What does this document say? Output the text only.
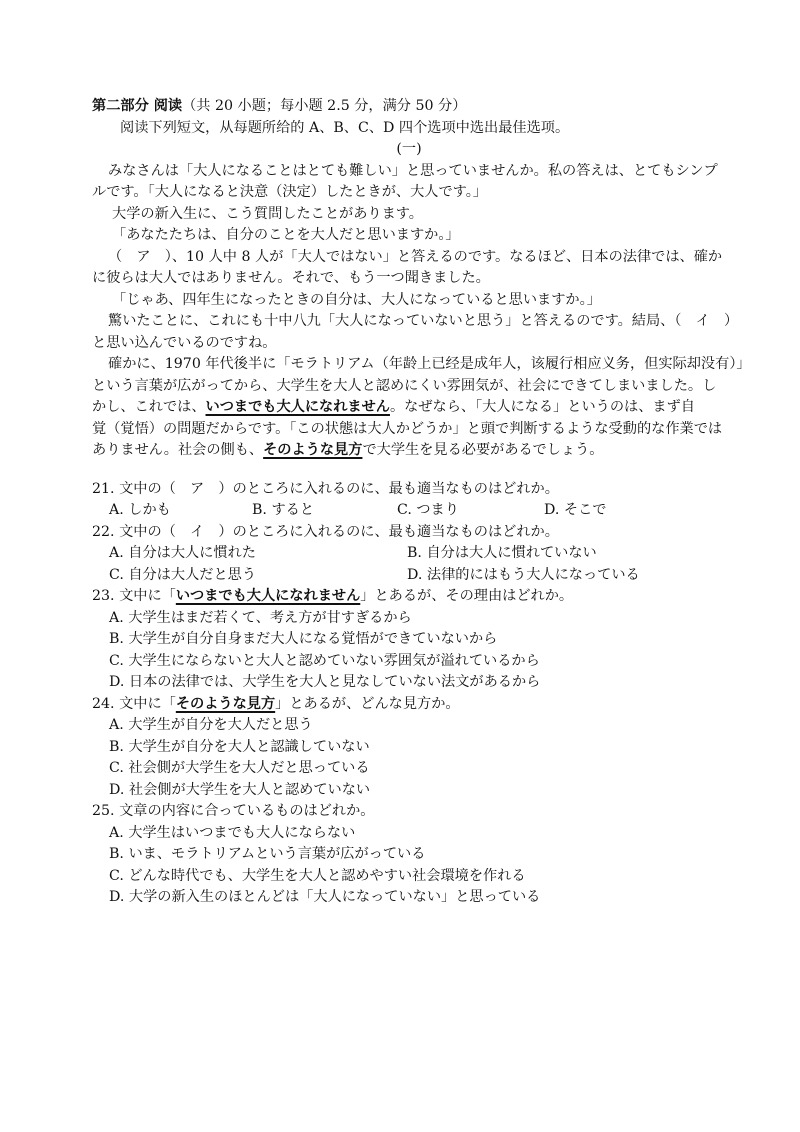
第二部分 阅读（共 20 小题；每小题 2.5 分，满分 50 分）
阅读下列短文，从每题所给的 A、B、C、D 四个选项中选出最佳选项。
(一)
みなさんは「大人になることはとても難しい」と思っていませんか。私の答えは、とてもシンプ
ルです。「大人になると決意（決定）したときが、大人です。」
大学の新入生に、こう質問したことがあります。
「あなたたちは、自分のことを大人だと思いますか。」
（　ア　）、10 人中 8 人が「大人ではない」と答えるのです。なるほど、日本の法律では、確か
に彼らは大人ではありません。それで、もう一つ聞きました。
「じゃあ、四年生になったときの自分は、大人になっていると思いますか。」
驚いたことに、これにも十中八九「大人になっていないと思う」と答えるのです。結局、（　イ　）
と思い込んでいるのですね。
確かに、1970 年代後半に「モラトリアム（年龄上已经是成年人，该履行相应义务，但实际却没有）」
という言葉が広がってから、大学生を大人と認めにくい雰囲気が、社会にできてしまいました。し
かし、これでは、いつまでも大人になれません。なぜなら、「大人になる」というのは、まず自
覚（覚悟）の問題だからです。「この状態は大人かどうか」と頭で判断するような受動的な作業では
ありません。社会の側も、そのような見方で大学生を見る必要があるでしょう。
21. 文中の（　ア　）のところに入れるのに、最も適当なものはどれか。
A. しかも	B. すると	C. つまり	D. そこで
22. 文中の（　イ　）のところに入れるのに、最も適当なものはどれか。
A. 自分は大人に慣れた	B. 自分は大人に慣れていない
C. 自分は大人だと思う	D. 法律的にはもう大人になっている
23. 文中に「いつまでも大人になれません」とあるが、その理由はどれか。
A. 大学生はまだ若くて、考え方が甘すぎるから
B. 大学生が自分自身まだ大人になる覚悟ができていないから
C. 大学生にならないと大人と認めていない雰囲気が溢れているから
D. 日本の法律では、大学生を大人と見なしていない法文があるから
24. 文中に「そのような見方」とあるが、どんな見方か。
A. 大学生が自分を大人だと思う
B. 大学生が自分を大人と認識していない
C. 社会側が大学生を大人だと思っている
D. 社会側が大学生を大人と認めていない
25. 文章の内容に合っているものはどれか。
A. 大学生はいつまでも大人にならない
B. いま、モラトリアムという言葉が広がっている
C. どんな時代でも、大学生を大人と認めやすい社会環境を作れる
D. 大学の新入生のほとんどは「大人になっていない」と思っている
